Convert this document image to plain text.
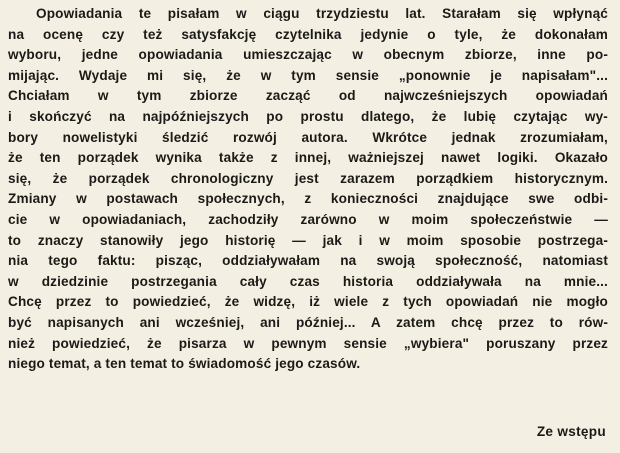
Opowiadania te pisałam w ciągu trzydziestu lat. Starałam się wpłynąć
na ocenę czy też satysfakcję czytelnika jedynie o tyle, że dokonałam
wyboru, jedne opowiadania umieszczając w obecnym zbiorze, inne po-
mijając. Wydaje mi się, że w tym sensie „ponownie je napisałam"...
Chciałam w tym zbiorze zacząć od najwcześniejszych opowiadań
i skończyć na najpóźniejszych po prostu dlatego, że lubię czytając wy-
bory nowelistyki śledzić rozwój autora. Wkrótce jednak zrozumiałam,
że ten porządek wynika także z innej, ważniejszej nawet logiki. Okazało
się, że porządek chronologiczny jest zarazem porządkiem historycznym.
Zmiany w postawach społecznych, z konieczności znajdujące swe odbi-
cie w opowiadaniach, zachodziły zarówno w moim społeczeństwie —
to znaczy stanowiły jego historię — jak i w moim sposobie postrzega-
nia tego faktu: pisząc, oddziaływałam na swoją społeczność, natomiast
w dziedzinie postrzegania cały czas historia oddziaływała na mnie...
Chcę przez to powiedzieć, że widzę, iż wiele z tych opowiadań nie mogło
być napisanych ani wcześniej, ani później... A zatem chcę przez to rów-
nież powiedzieć, że pisarza w pewnym sensie „wybiera" poruszany przez
niego temat, a ten temat to świadomość jego czasów.
Ze wstępu
